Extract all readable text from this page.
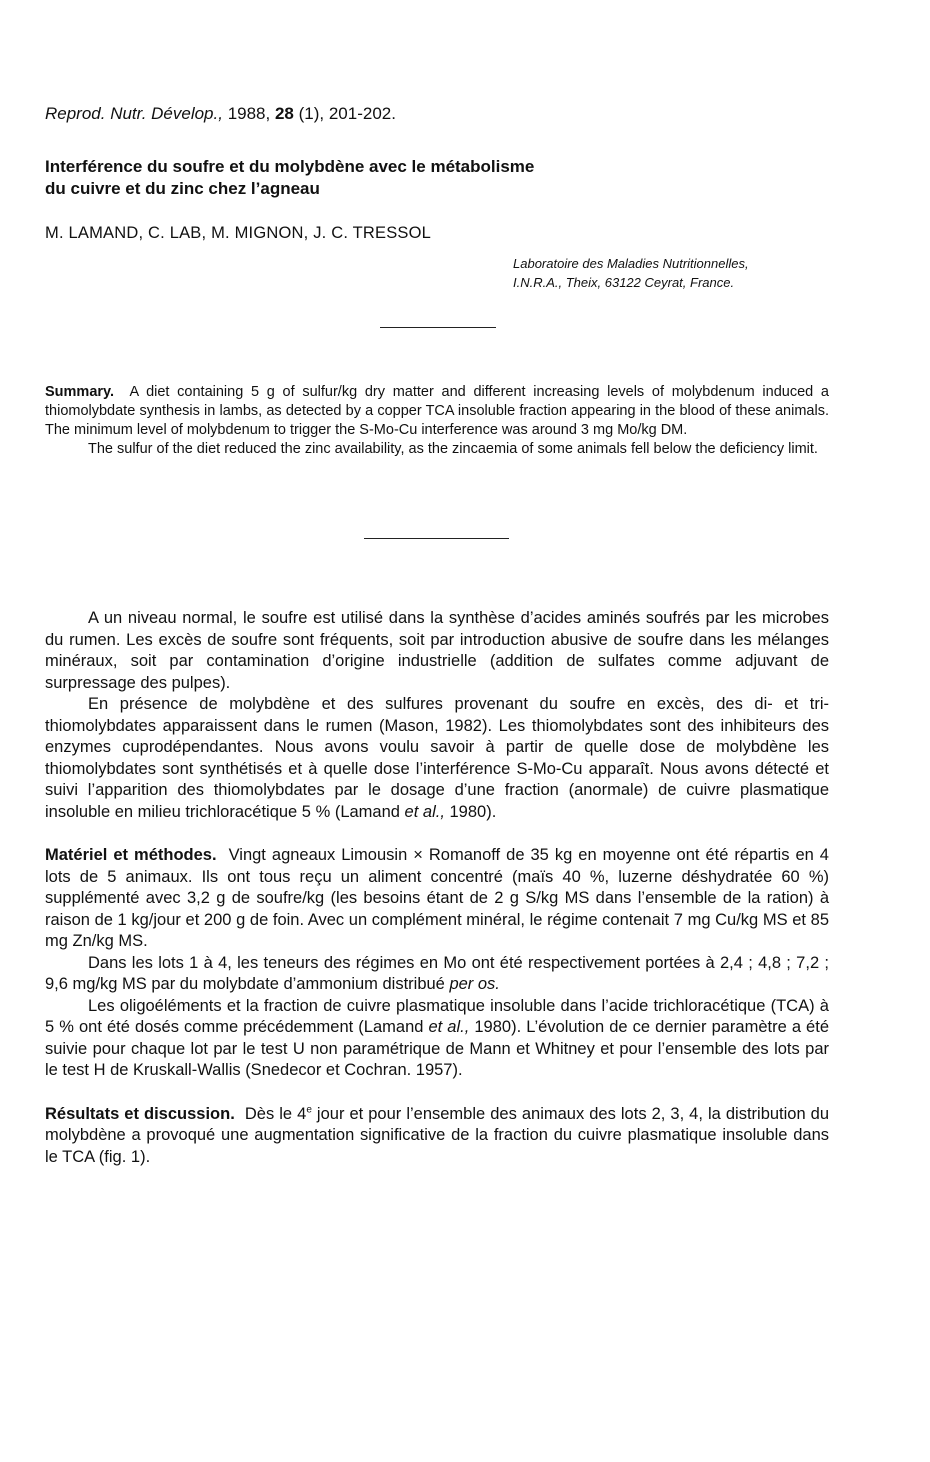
Reprod. Nutr. Dévelop., 1988, 28 (1), 201-202.
Interférence du soufre et du molybdène avec le métabolisme
du cuivre et du zinc chez l’agneau
M. LAMAND, C. LAB, M. MIGNON, J. C. TRESSOL
Laboratoire des Maladies Nutritionnelles,
I.N.R.A., Theix, 63122 Ceyrat, France.

Summary. A diet containing 5 g of sulfur/kg dry matter and different increasing levels of molybdenum induced a thiomolybdate synthesis in lambs, as detected by a copper TCA insoluble fraction appearing in the blood of these animals. The minimum level of molybdenum to trigger the S-Mo-Cu interference was around 3 mg Mo/kg DM.

The sulfur of the diet reduced the zinc availability, as the zincaemia of some animals fell below the deficiency limit.

A un niveau normal, le soufre est utilisé dans la synthèse d’acides aminés soufrés par les microbes du rumen. Les excès de soufre sont fréquents, soit par introduction abusive de soufre dans les mélanges minéraux, soit par contamination d’origine industrielle (addition de sulfates comme adjuvant de surpressage des pulpes).

En présence de molybdène et des sulfures provenant du soufre en excès, des di- et tri-thiomolybdates apparaissent dans le rumen (Mason, 1982). Les thiomolybdates sont des inhibiteurs des enzymes cuprodépendantes. Nous avons voulu savoir à partir de quelle dose de molybdène les thiomolybdates sont synthétisés et à quelle dose l’interférence S-Mo-Cu apparaît. Nous avons détecté et suivi l’apparition des thiomolybdates par le dosage d’une fraction (anormale) de cuivre plasmatique insoluble en milieu trichloracétique 5 % (Lamand et al., 1980).

Matériel et méthodes. Vingt agneaux Limousin × Romanoff de 35 kg en moyenne ont été répartis en 4 lots de 5 animaux. Ils ont tous reçu un aliment concentré (maïs 40 %, luzerne déshydratée 60 %) supplémenté avec 3,2 g de soufre/kg (les besoins étant de 2 g S/kg MS dans l’ensemble de la ration) à raison de 1 kg/jour et 200 g de foin. Avec un complément minéral, le régime contenait 7 mg Cu/kg MS et 85 mg Zn/kg MS.

Dans les lots 1 à 4, les teneurs des régimes en Mo ont été respectivement portées à 2,4 ; 4,8 ; 7,2 ; 9,6 mg/kg MS par du molybdate d’ammonium distribué per os.

Les oligoéléments et la fraction de cuivre plasmatique insoluble dans l’acide trichloracétique (TCA) à 5 % ont été dosés comme précédemment (Lamand et al., 1980). L’évolution de ce dernier paramètre a été suivie pour chaque lot par le test U non paramétrique de Mann et Whitney et pour l’ensemble des lots par le test H de Kruskall-Wallis (Snedecor et Cochran. 1957).

Résultats et discussion. Dès le 4e jour et pour l’ensemble des animaux des lots 2, 3, 4, la distribution du molybdène a provoqué une augmentation significative de la fraction du cuivre plasmatique insoluble dans le TCA (fig. 1).
